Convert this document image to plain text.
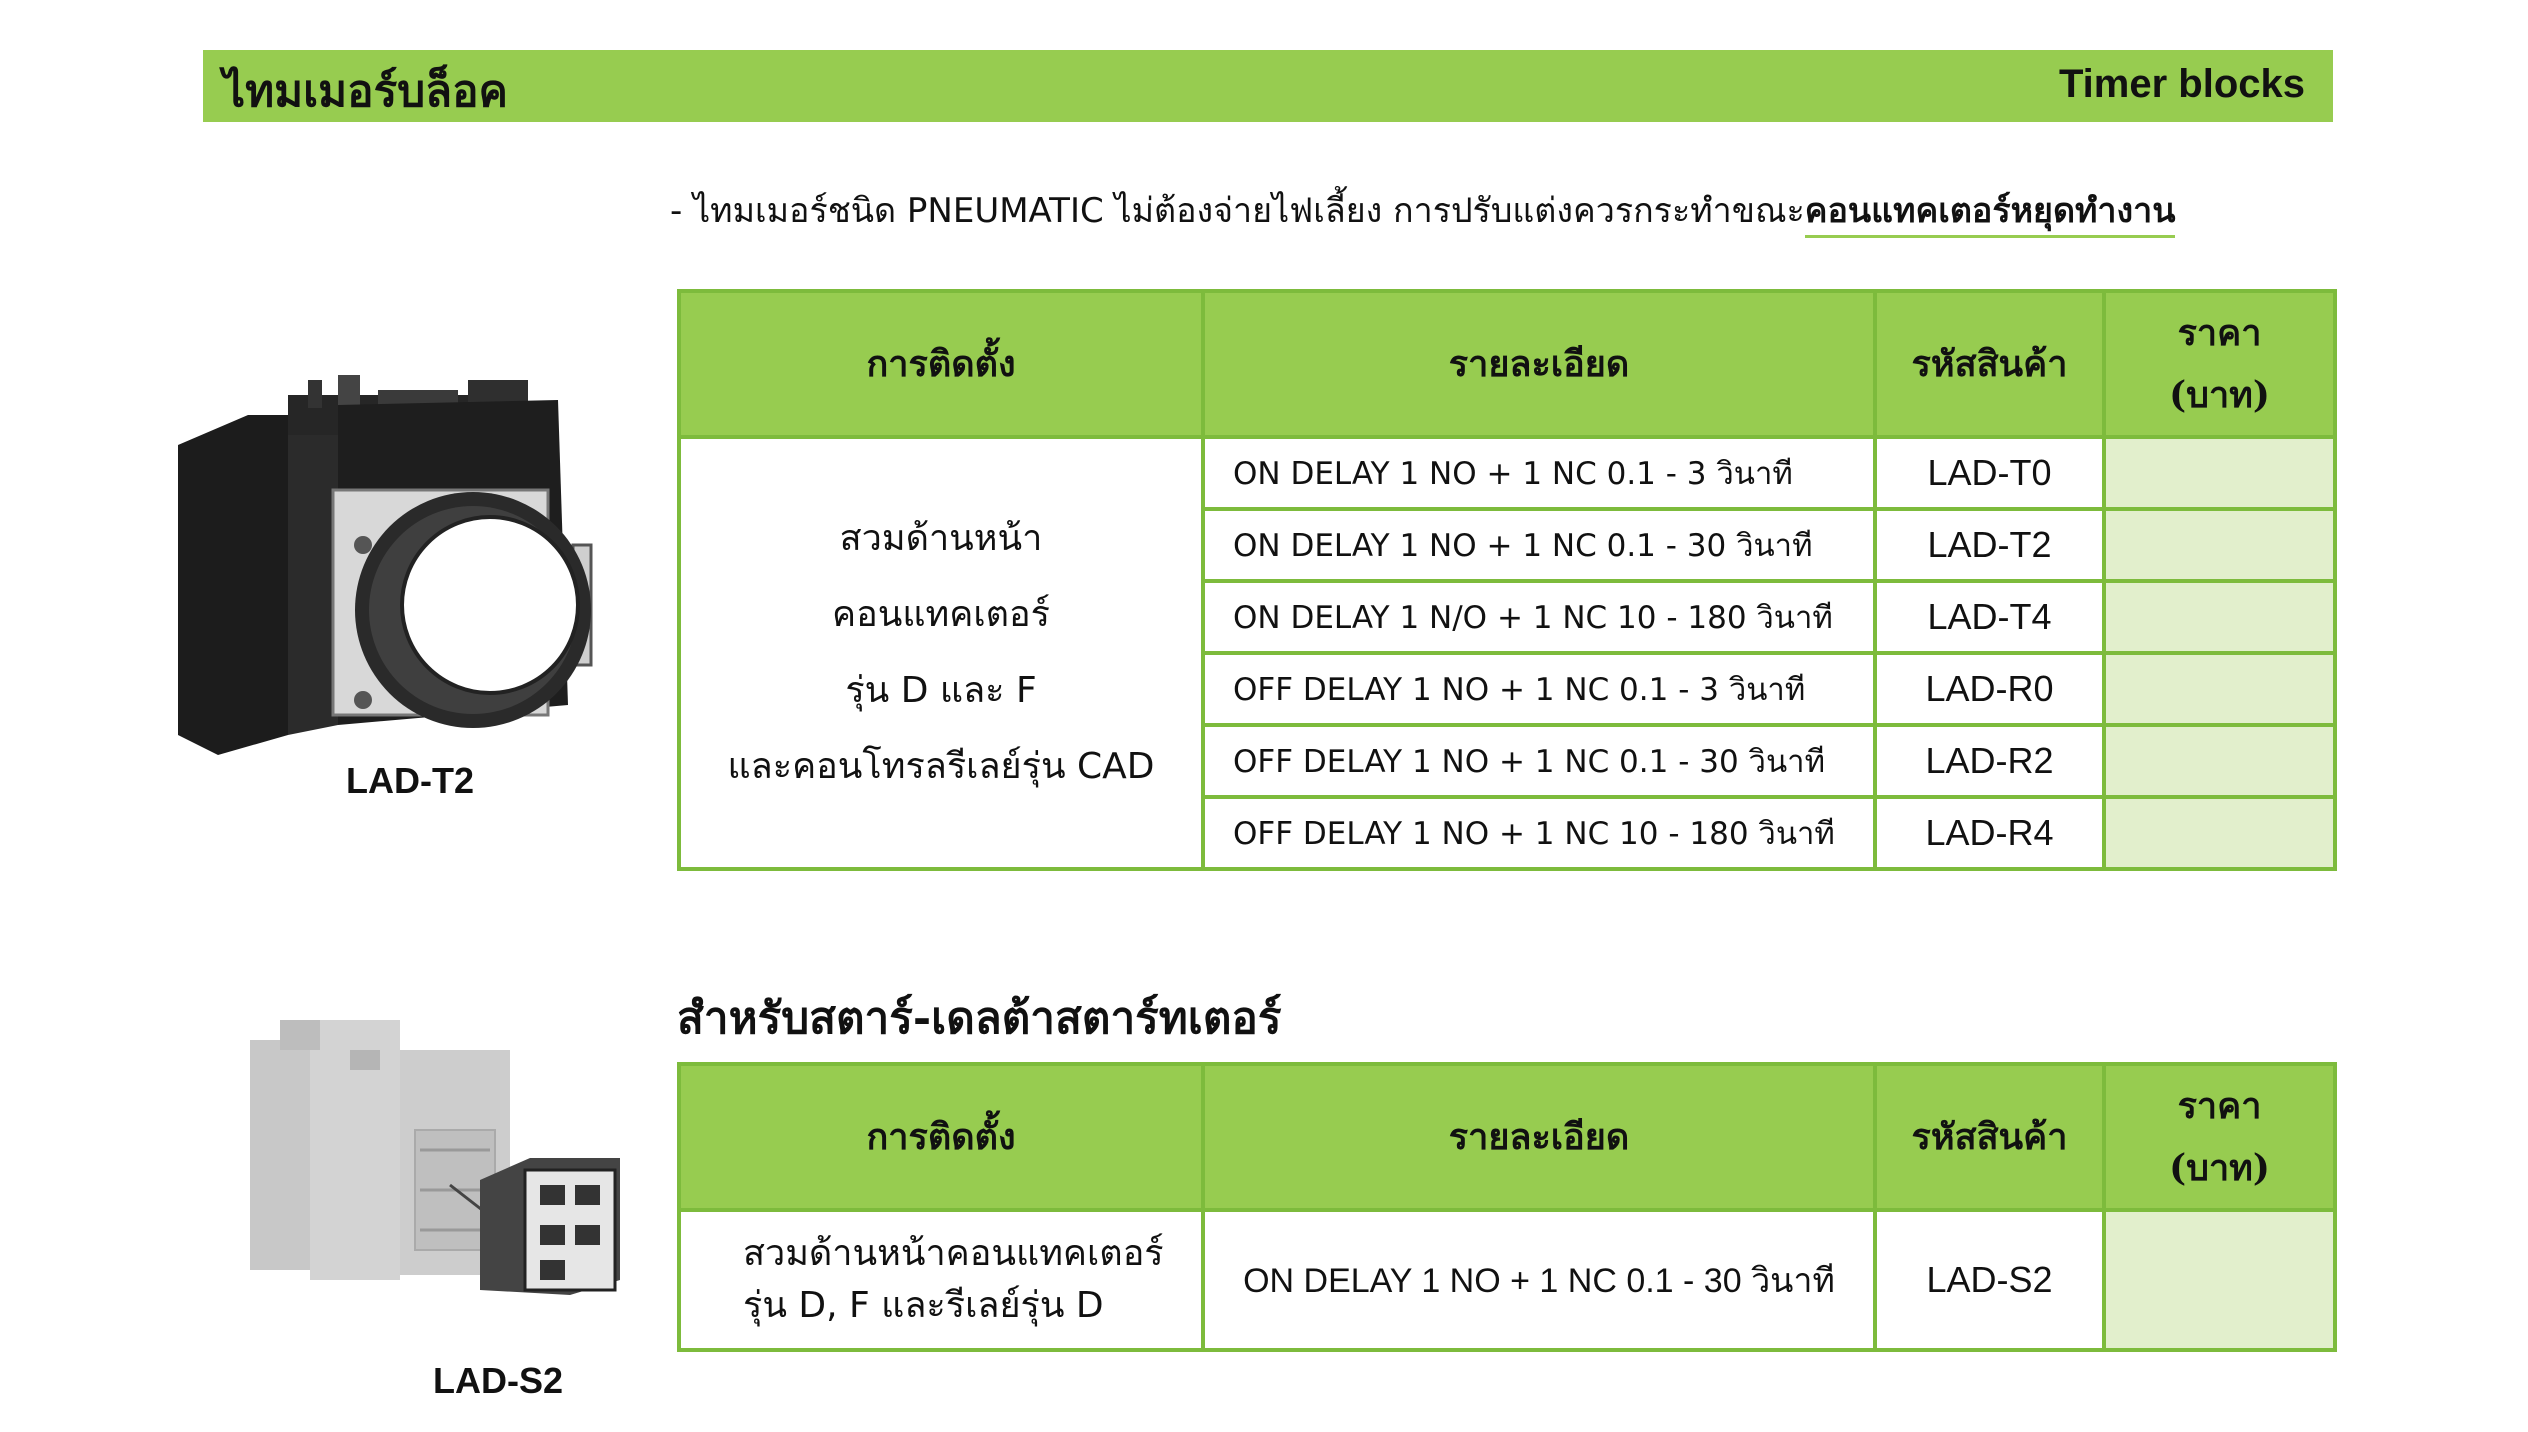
ไทมเมอร์บล็อค	Timer blocks
- ไทมเมอร์ชนิด PNEUMATIC ไม่ต้องจ่ายไฟเลี้ยง การปรับแต่งควรกระทำขณะคอนแทคเตอร์หยุดทำงาน
LAD-T2
การติดตั้ง	รายละเอียด	รหัสสินค้า	ราคา
(บาท)

สวมด้านหน้า
คอนแทคเตอร์
รุ่น D และ F
และคอนโทรลรีเลย์รุ่น CAD	ON DELAY 1 NO + 1 NC 0.1 - 3 วินาที	LAD-T0	
	ON DELAY 1 NO + 1 NC 0.1 - 30 วินาที	LAD-T2	
	ON DELAY 1 N/O + 1 NC 10 - 180 วินาที	LAD-T4	
	OFF DELAY 1 NO + 1 NC 0.1 - 3 วินาที	LAD-R0	
	OFF DELAY 1 NO + 1 NC 0.1 - 30 วินาที	LAD-R2	
	OFF DELAY 1 NO + 1 NC 10 - 180 วินาที	LAD-R4	
สำหรับสตาร์-เดลต้าสตาร์ทเตอร์
LAD-S2
การติดตั้ง	รายละเอียด	รหัสสินค้า	ราคา
(บาท)

สวมด้านหน้าคอนแทคเตอร์
รุ่น D, F และรีเลย์รุ่น D	ON DELAY 1 NO + 1 NC 0.1 - 30 วินาที	LAD-S2	
